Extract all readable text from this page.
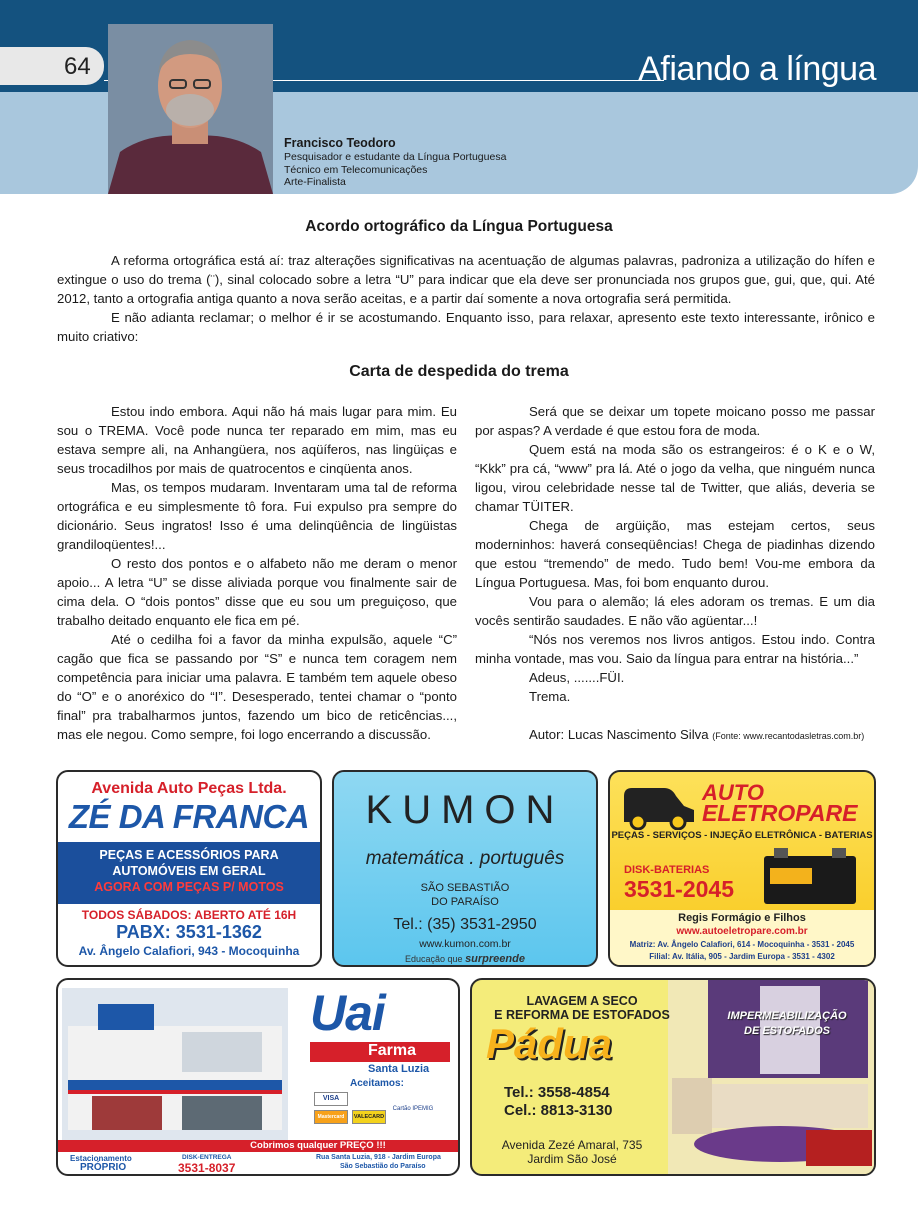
64	Afiando a língua
Francisco Teodoro
Pesquisador e estudante da Língua Portuguesa
Técnico em Telecomunicações
Arte-Finalista
Acordo ortográfico da Língua Portuguesa

A reforma ortográfica está aí: traz alterações significativas na acentuação de algumas palavras, padroniza a utilização do hífen e extingue o uso do trema (¨), sinal colocado sobre a letra “U” para indicar que ela deve ser pronunciada nos grupos gue, gui, que, qui. Até 2012, tanto a ortografia antiga quanto a nova serão aceitas, e a partir daí somente a nova ortografia será permitida.

E não adianta reclamar; o melhor é ir se acostumando. Enquanto isso, para relaxar, apresento este texto interessante, irônico e muito criativo:

Carta de despedida do trema

Estou indo embora. Aqui não há mais lugar para mim. Eu sou o TREMA. Você pode nunca ter reparado em mim, mas eu estava sempre ali, na Anhangüera, nos aqüíferos, nas lingüiças e seus trocadilhos por mais de quatrocentos e cinqüenta anos.

Mas, os tempos mudaram. Inventaram uma tal de reforma ortográfica e eu simplesmente tô fora. Fui expulso pra sempre do dicionário. Seus ingratos! Isso é uma delinqüência de lingüistas grandiloqüentes!...

O resto dos pontos e o alfabeto não me deram o menor apoio... A letra “U” se disse aliviada porque vou finalmente sair de cima dela. O “dois pontos” disse que eu sou um preguiçoso, que trabalho deitado enquanto ele fica em pé.

Até o cedilha foi a favor da minha expulsão, aquele “C” cagão que fica se passando por “S” e nunca tem coragem nem competência para iniciar uma palavra. E também tem aquele obeso do “O” e o anoréxico do “I”. Desesperado, tentei chamar o “ponto final” pra trabalharmos juntos, fazendo um bico de reticências..., mas ele negou. Como sempre, foi logo encerrando a discussão.

Será que se deixar um topete moicano posso me passar por aspas? A verdade é que estou fora de moda.

Quem está na moda são os estrangeiros: é o K e o W, “Kkk” pra cá, “www” pra lá. Até o jogo da velha, que ninguém nunca ligou, virou celebridade nesse tal de Twitter, que aliás, deveria se chamar TÜITER.

Chega de argüição, mas estejam certos, seus moderninhos: haverá conseqüências! Chega de piadinhas dizendo que estou “tremendo” de medo. Tudo bem! Vou-me embora da Língua Portuguesa. Mas, foi bom enquanto durou.

Vou para o alemão; lá eles adoram os tremas. E um dia vocês sentirão saudades. E não vão agüentar...!

“Nós nos veremos nos livros antigos. Estou indo. Contra minha vontade, mas vou. Saio da língua para entrar na história...”

Adeus, .......FÜI.

Trema.

Autor: Lucas Nascimento Silva (Fonte: www.recantodasletras.com.br)

Avenida Auto Peças Ltda.
ZÉ DA FRANCA
PEÇAS E ACESSÓRIOS PARA
AUTOMÓVEIS EM GERAL
AGORA COM PEÇAS P/ MOTOS
TODOS SÁBADOS: ABERTO ATÉ 16H
PABX: 3531-1362
Av. Ângelo Calafiori, 943 - Mocoquinha
KUMON
matemática . português
SÃO SEBASTIÃO
DO PARAÍSO
Tel.: (35) 3531-2950
www.kumon.com.br
Educação que surpreende
AUTO
ELETROPARE
PEÇAS - SERVIÇOS - INJEÇÃO ELETRÔNICA - BATERIAS
DISK-BATERIAS
3531-2045
Regis Formágio e Filhos
www.autoeletropare.com.br
Matriz: Av. Ângelo Calafiori, 614 - Mocoquinha - 3531 - 2045
Filial: Av. Itália, 905 - Jardim Europa - 3531 - 4302
Uai
Farma
Santa Luzia
Aceitamos:
VISA
Mastercard	VALECARD
Cartão IPEMIG
Cobrimos qualquer PREÇO !!!
Estacionamento
PRÓPRIO
DISK-ENTREGA
3531-8037
Rua Santa Luzia, 918 - Jardim Europa
São Sebastião do Paraíso
LAVAGEM A SECO
E REFORMA DE ESTOFADOS
Pádua
IMPERMEABILIZAÇÃO
DE ESTOFADOS
Tel.: 3558-4854
Cel.: 8813-3130
Avenida Zezé Amaral, 735
Jardim São José
